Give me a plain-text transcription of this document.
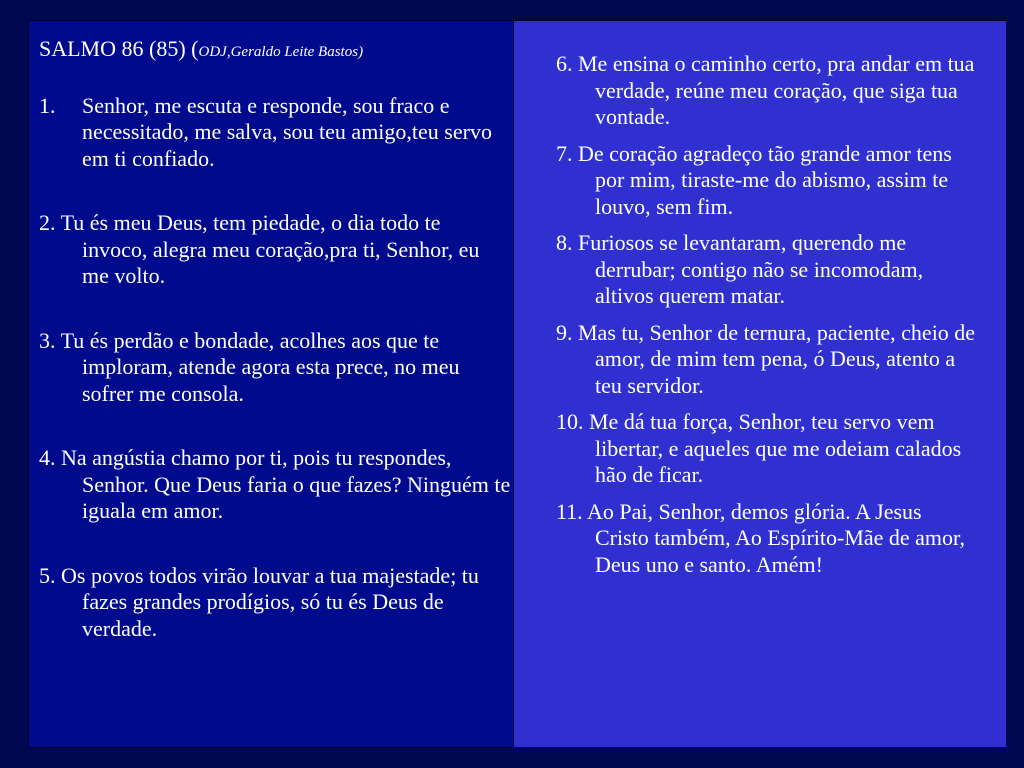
SALMO 86 (85) (ODJ,Geraldo Leite Bastos)
1. Senhor, me escuta e responde, sou fraco e necessitado, me salva, sou teu amigo,teu servo em ti confiado.
2. Tu és meu Deus, tem piedade, o dia todo te invoco, alegra meu coração,pra ti, Senhor, eu me volto.
3. Tu és perdão e bondade, acolhes aos que te imploram, atende agora esta prece, no meu sofrer me consola.
4. Na angústia chamo por ti, pois tu respondes, Senhor. Que Deus faria o que fazes? Ninguém te iguala em amor.
5. Os povos todos virão louvar a tua majestade; tu fazes grandes prodígios, só tu és Deus de verdade.
6. Me ensina o caminho certo, pra andar em tua verdade, reúne meu coração, que siga tua vontade.
7. De coração agradeço tão grande amor tens por mim, tiraste-me do abismo, assim te louvo, sem fim.
8. Furiosos se levantaram, querendo me derrubar; contigo não se incomodam, altivos querem matar.
9. Mas tu, Senhor de ternura, paciente, cheio de amor, de mim tem pena, ó Deus, atento a teu servidor.
10. Me dá tua força, Senhor, teu servo vem libertar, e aqueles que me odeiam calados hão de ficar.
11. Ao Pai, Senhor, demos glória. A Jesus Cristo também, Ao Espírito-Mãe de amor, Deus uno e santo. Amém!
